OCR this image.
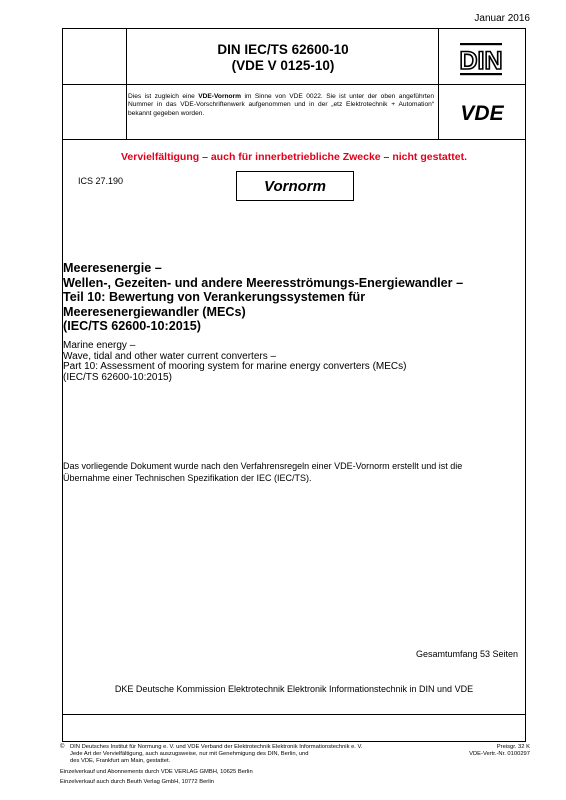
Januar 2016
DIN IEC/TS 62600-10
(VDE V 0125-10)	DIN
Dies ist zugleich eine VDE-Vornorm im Sinne von VDE 0022. Sie ist unter der oben angeführten Nummer in das VDE-Vorschriftenwerk aufgenommen und in der „etz Elektrotechnik + Automation“ bekannt gegeben worden.	VDE
Vervielfältigung – auch für innerbetriebliche Zwecke – nicht gestattet.
ICS 27.190	Vornorm
Meeresenergie –
Wellen-, Gezeiten- und andere Meeresströmungs-Energiewandler –
Teil 10: Bewertung von Verankerungssystemen für
Meeresenergiewandler (MECs)
(IEC/TS 62600-10:2015)
Marine energy –
Wave, tidal and other water current converters –
Part 10: Assessment of mooring system for marine energy converters (MECs)
(IEC/TS 62600-10:2015)
Das vorliegende Dokument wurde nach den Verfahrensregeln einer VDE-Vornorm erstellt und ist die
Übernahme einer Technischen Spezifikation der IEC (IEC/TS).
Gesamtumfang 53 Seiten
DKE Deutsche Kommission Elektrotechnik Elektronik Informationstechnik in DIN und VDE
© DIN Deutsches Institut für Normung e. V. und VDE Verband der Elektrotechnik Elektronik Informationstechnik e. V.
Jede Art der Vervielfältigung, auch auszugsweise, nur mit Genehmigung des DIN, Berlin, und
des VDE, Frankfurt am Main, gestattet.
Preisgr. 32 K
VDE-Vertr.-Nr. 0100297
Einzelverkauf und Abonnements durch VDE VERLAG GMBH, 10625 Berlin
Einzelverkauf auch durch Beuth Verlag GmbH, 10772 Berlin
